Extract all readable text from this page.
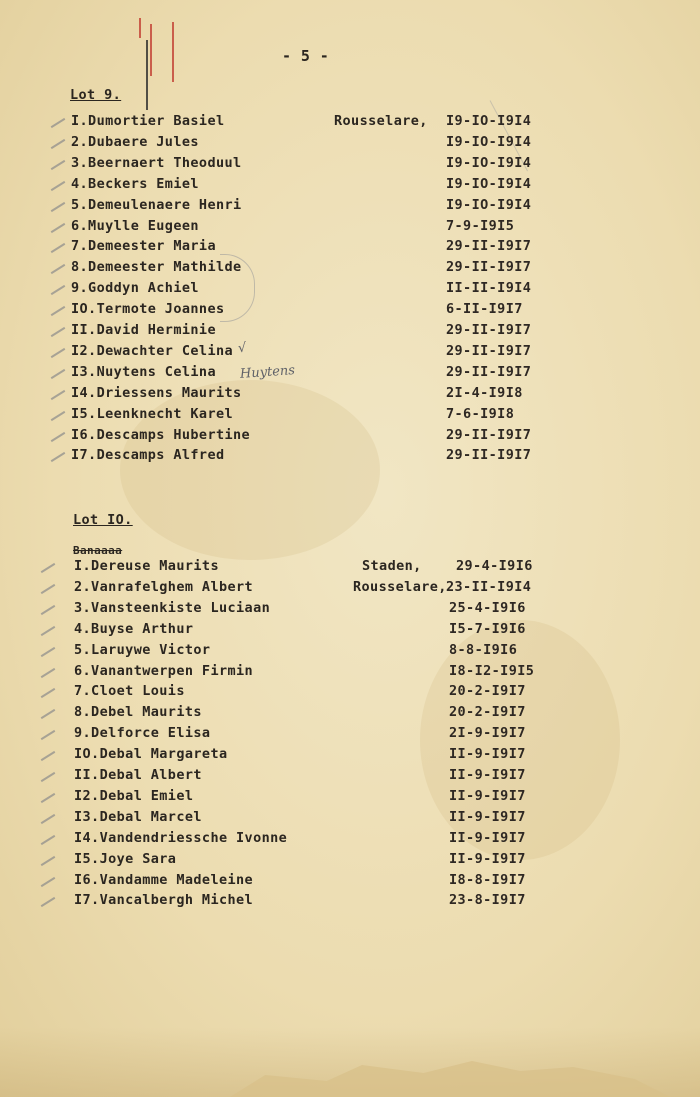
- 5 -
Lot 9.
I.Dumortier Basiel	Rousselare, I9-IO-I9I4
2.Dubaere Jules	I9-IO-I9I4
3.Beernaert Theoduul	I9-IO-I9I4
4.Beckers Emiel	I9-IO-I9I4
5.Demeulenaere Henri	I9-IO-I9I4
6.Muylle Eugeen	7-9-I9I5
7.Demeester Maria	29-II-I9I7
8.Demeester Mathilde	29-II-I9I7
9.Goddyn Achiel	II-II-I9I4
IO.Termote Joannes	6-II-I9I7
II.David Herminie	29-II-I9I7
I2.Dewachter Celina	29-II-I9I7
I3.Nuytens Celina	29-II-I9I7
I4.Driessens Maurits	2I-4-I9I8
I5.Leenknecht Karel	7-6-I9I8
I6.Descamps Hubertine	29-II-I9I7
I7.Descamps Alfred	29-II-I9I7
Huytens
√
Lot IO.
Banaaaa
I.Dereuse Maurits	Staden,	29-4-I9I6
2.Vanrafelghem Albert	Rousselare, 23-II-I9I4
3.Vansteenkiste Luciaan	25-4-I9I6
4.Buyse Arthur	I5-7-I9I6
5.Laruywe Victor	8-8-I9I6
6.Vanantwerpen Firmin	I8-I2-I9I5
7.Cloet Louis	20-2-I9I7
8.Debel Maurits	20-2-I9I7
9.Delforce Elisa	2I-9-I9I7
IO.Debal Margareta	II-9-I9I7
II.Debal Albert	II-9-I9I7
I2.Debal Emiel	II-9-I9I7
I3.Debal Marcel	II-9-I9I7
I4.Vandendriessche Ivonne	II-9-I9I7
I5.Joye Sara	II-9-I9I7
I6.Vandamme Madeleine	I8-8-I9I7
I7.Vancalbergh Michel	23-8-I9I7
